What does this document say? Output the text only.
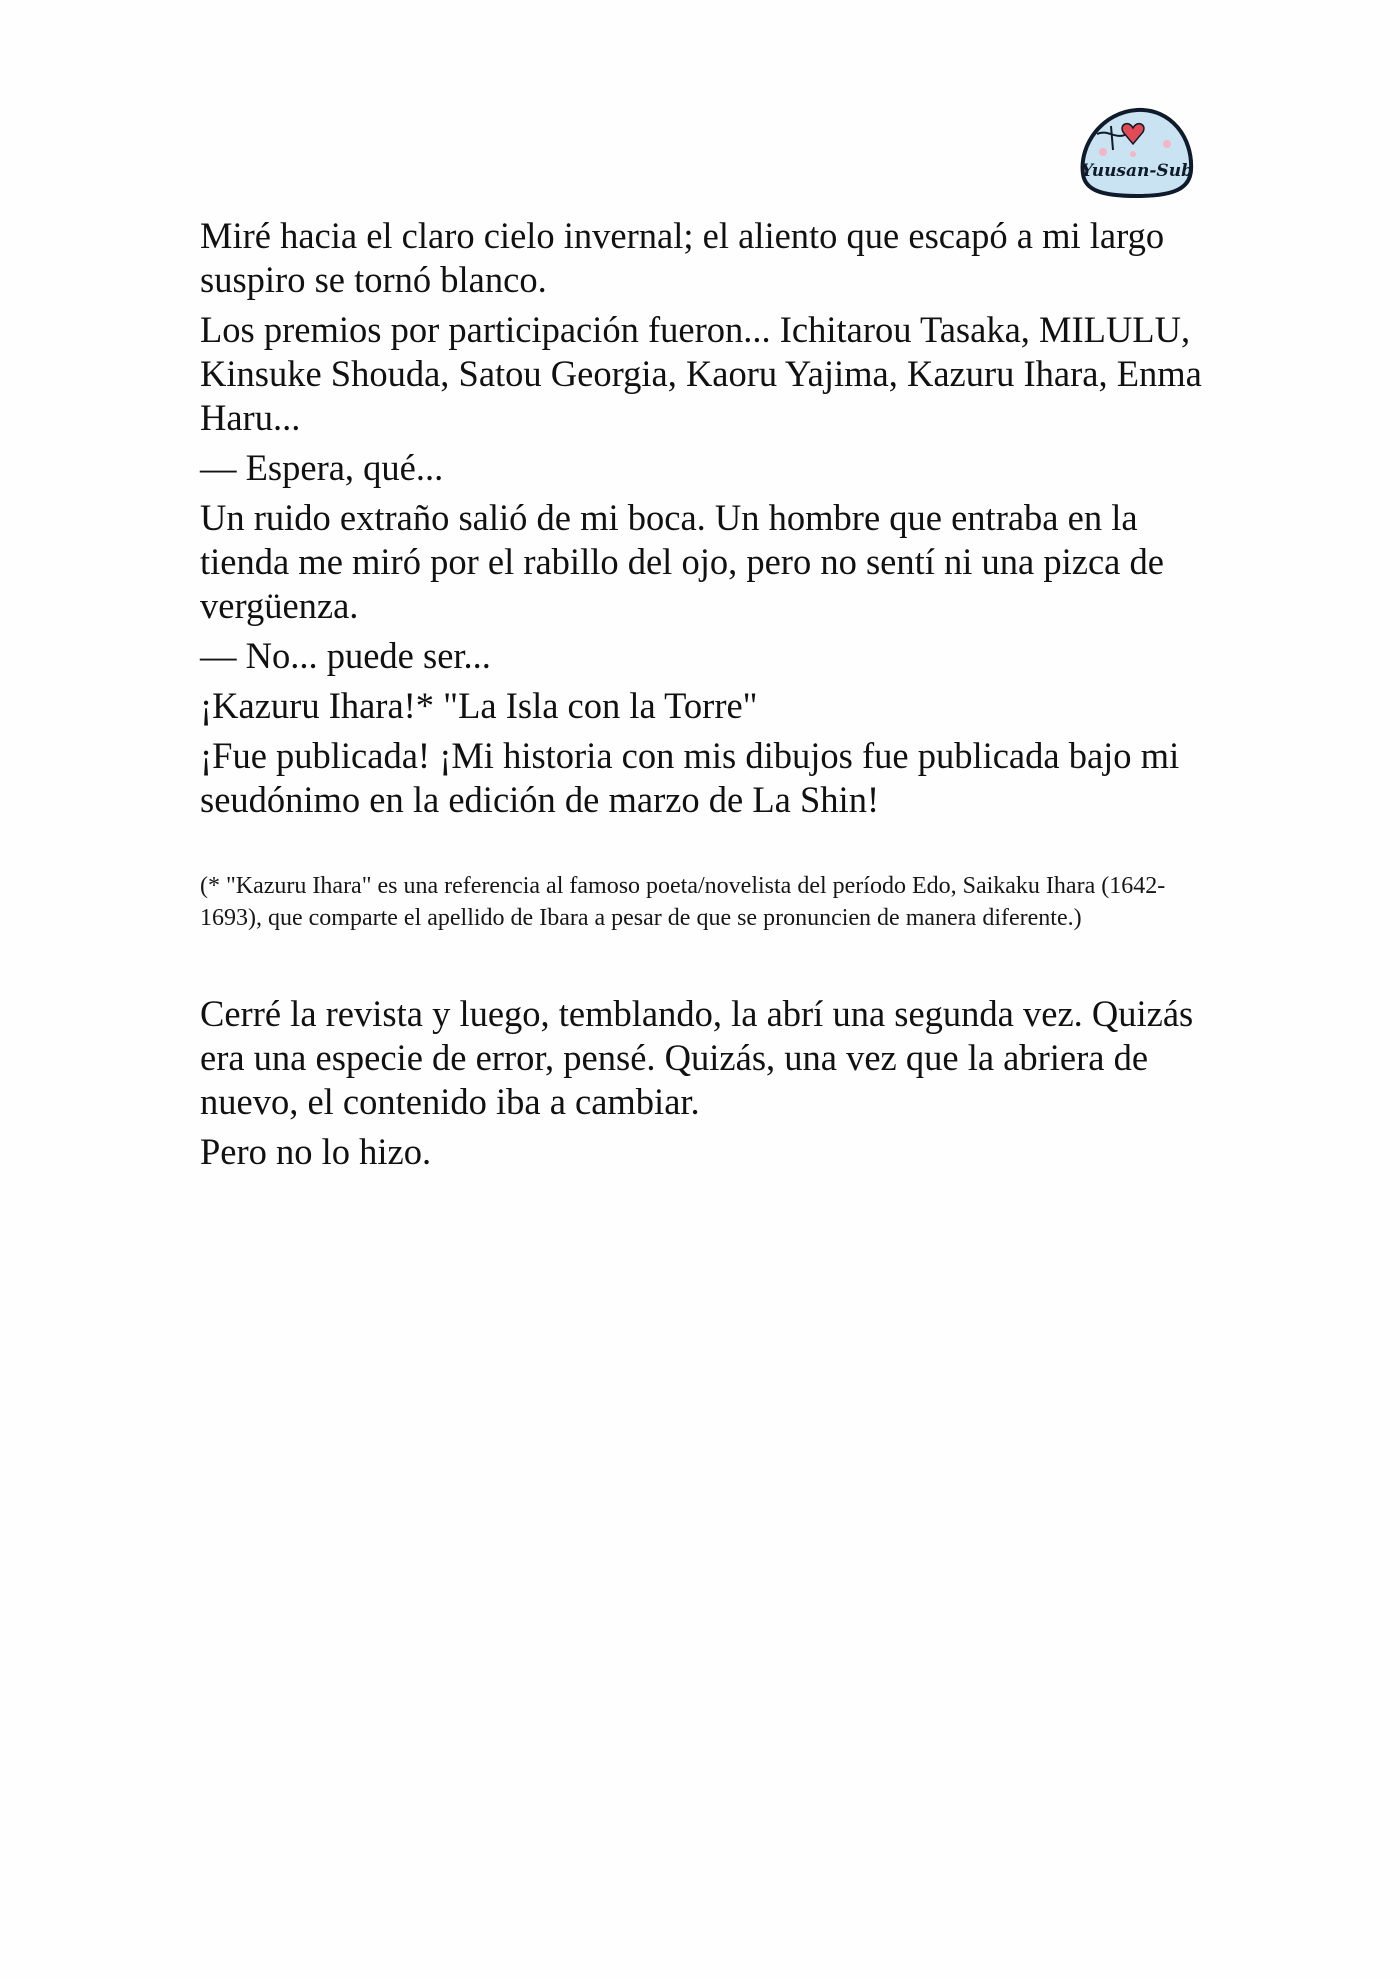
Yuusan-Sub

Miré hacia el claro cielo invernal; el aliento que escapó a mi largo suspiro se tornó blanco.

Los premios por participación fueron... Ichitarou Tasaka, MILULU, Kinsuke Shouda, Satou Georgia, Kaoru Yajima, Kazuru Ihara, Enma Haru...

— Espera, qué...

Un ruido extraño salió de mi boca. Un hombre que entraba en la tienda me miró por el rabillo del ojo, pero no sentí ni una pizca de vergüenza.

— No... puede ser...

¡Kazuru Ihara!* "La Isla con la Torre"

¡Fue publicada! ¡Mi historia con mis dibujos fue publicada bajo mi seudónimo en la edición de marzo de La Shin!

(* "Kazuru Ihara" es una referencia al famoso poeta/novelista del período Edo, Saikaku Ihara (1642-1693), que comparte el apellido de Ibara a pesar de que se pronuncien de manera diferente.)

Cerré la revista y luego, temblando, la abrí una segunda vez. Quizás era una especie de error, pensé. Quizás, una vez que la abriera de nuevo, el contenido iba a cambiar.

Pero no lo hizo.
